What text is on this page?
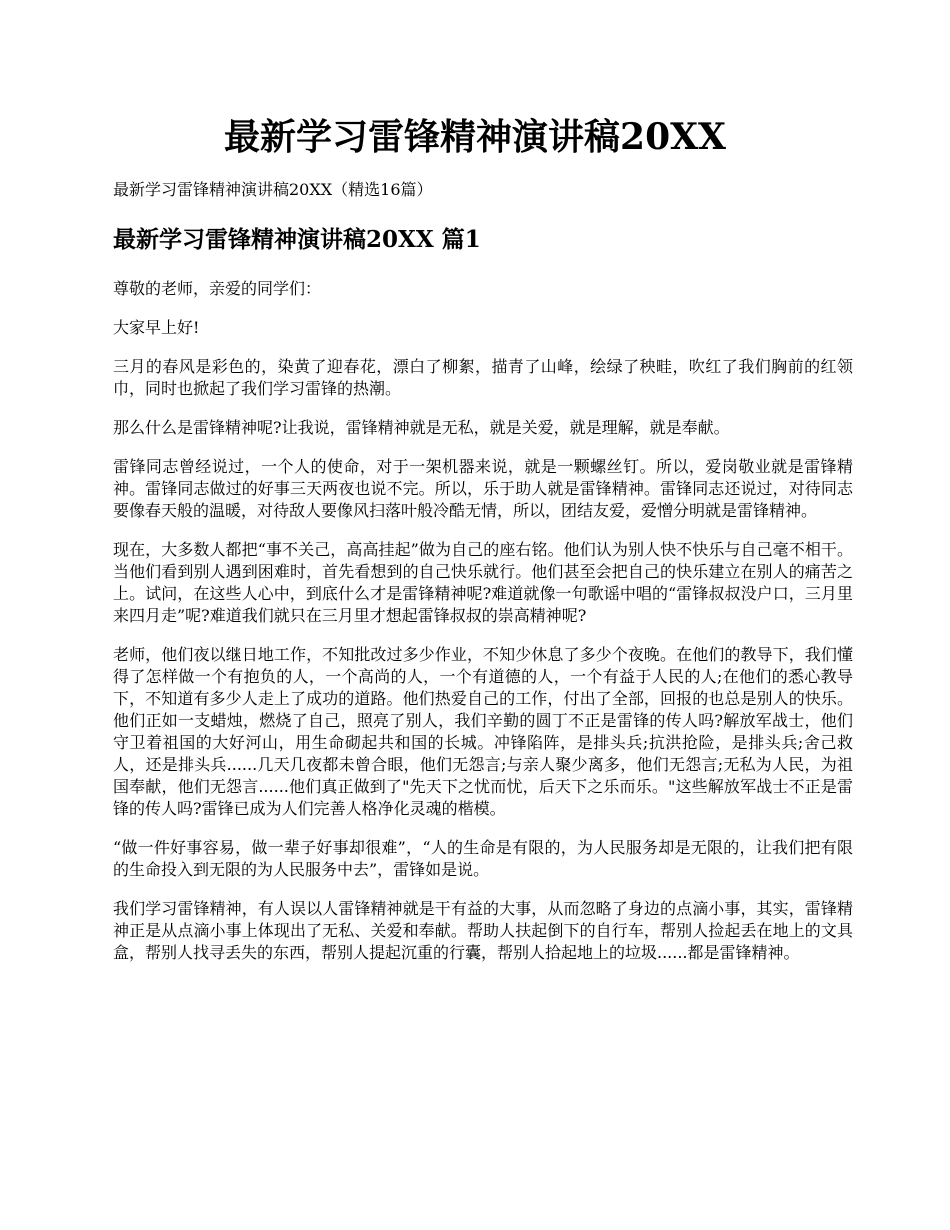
最新学习雷锋精神演讲稿20XX

最新学习雷锋精神演讲稿20XX（精选16篇）

最新学习雷锋精神演讲稿20XX 篇1

尊敬的老师，亲爱的同学们：

大家早上好!

三月的春风是彩色的，染黄了迎春花，漂白了柳絮，描青了山峰，绘绿了秧畦，吹红了我们胸前的红领巾，同时也掀起了我们学习雷锋的热潮。

那么什么是雷锋精神呢?让我说，雷锋精神就是无私，就是关爱，就是理解，就是奉献。

雷锋同志曾经说过，一个人的使命，对于一架机器来说，就是一颗螺丝钉。所以，爱岗敬业就是雷锋精神。雷锋同志做过的好事三天两夜也说不完。所以，乐于助人就是雷锋精神。雷锋同志还说过，对待同志要像春天般的温暖，对待敌人要像风扫落叶般冷酷无情，所以，团结友爱，爱憎分明就是雷锋精神。

现在，大多数人都把“事不关己，高高挂起”做为自己的座右铭。他们认为别人快不快乐与自己毫不相干。当他们看到别人遇到困难时，首先看想到的自己快乐就行。他们甚至会把自己的快乐建立在别人的痛苦之上。试问，在这些人心中，到底什么才是雷锋精神呢?难道就像一句歌谣中唱的“雷锋叔叔没户口，三月里来四月走”呢?难道我们就只在三月里才想起雷锋叔叔的崇高精神呢?

老师，他们夜以继日地工作，不知批改过多少作业，不知少休息了多少个夜晚。在他们的教导下，我们懂得了怎样做一个有抱负的人，一个高尚的人，一个有道德的人，一个有益于人民的人;在他们的悉心教导下，不知道有多少人走上了成功的道路。他们热爱自己的工作，付出了全部，回报的也总是别人的快乐。他们正如一支蜡烛，燃烧了自己，照亮了别人，我们辛勤的圆丁不正是雷锋的传人吗?解放军战士，他们守卫着祖国的大好河山，用生命砌起共和国的长城。冲锋陷阵，是排头兵;抗洪抢险，是排头兵;舍己救人，还是排头兵......几天几夜都未曾合眼，他们无怨言;与亲人聚少离多，他们无怨言;无私为人民，为祖国奉献，他们无怨言......他们真正做到了"先天下之忧而忧，后天下之乐而乐。"这些解放军战士不正是雷锋的传人吗?雷锋已成为人们完善人格净化灵魂的楷模。

“做一件好事容易，做一辈子好事却很难”，“人的生命是有限的，为人民服务却是无限的，让我们把有限的生命投入到无限的为人民服务中去”，雷锋如是说。

我们学习雷锋精神，有人误以人雷锋精神就是干有益的大事，从而忽略了身边的点滴小事，其实，雷锋精神正是从点滴小事上体现出了无私、关爱和奉献。帮助人扶起倒下的自行车，帮别人捡起丢在地上的文具盒，帮别人找寻丢失的东西，帮别人提起沉重的行囊，帮别人拾起地上的垃圾......都是雷锋精神。
